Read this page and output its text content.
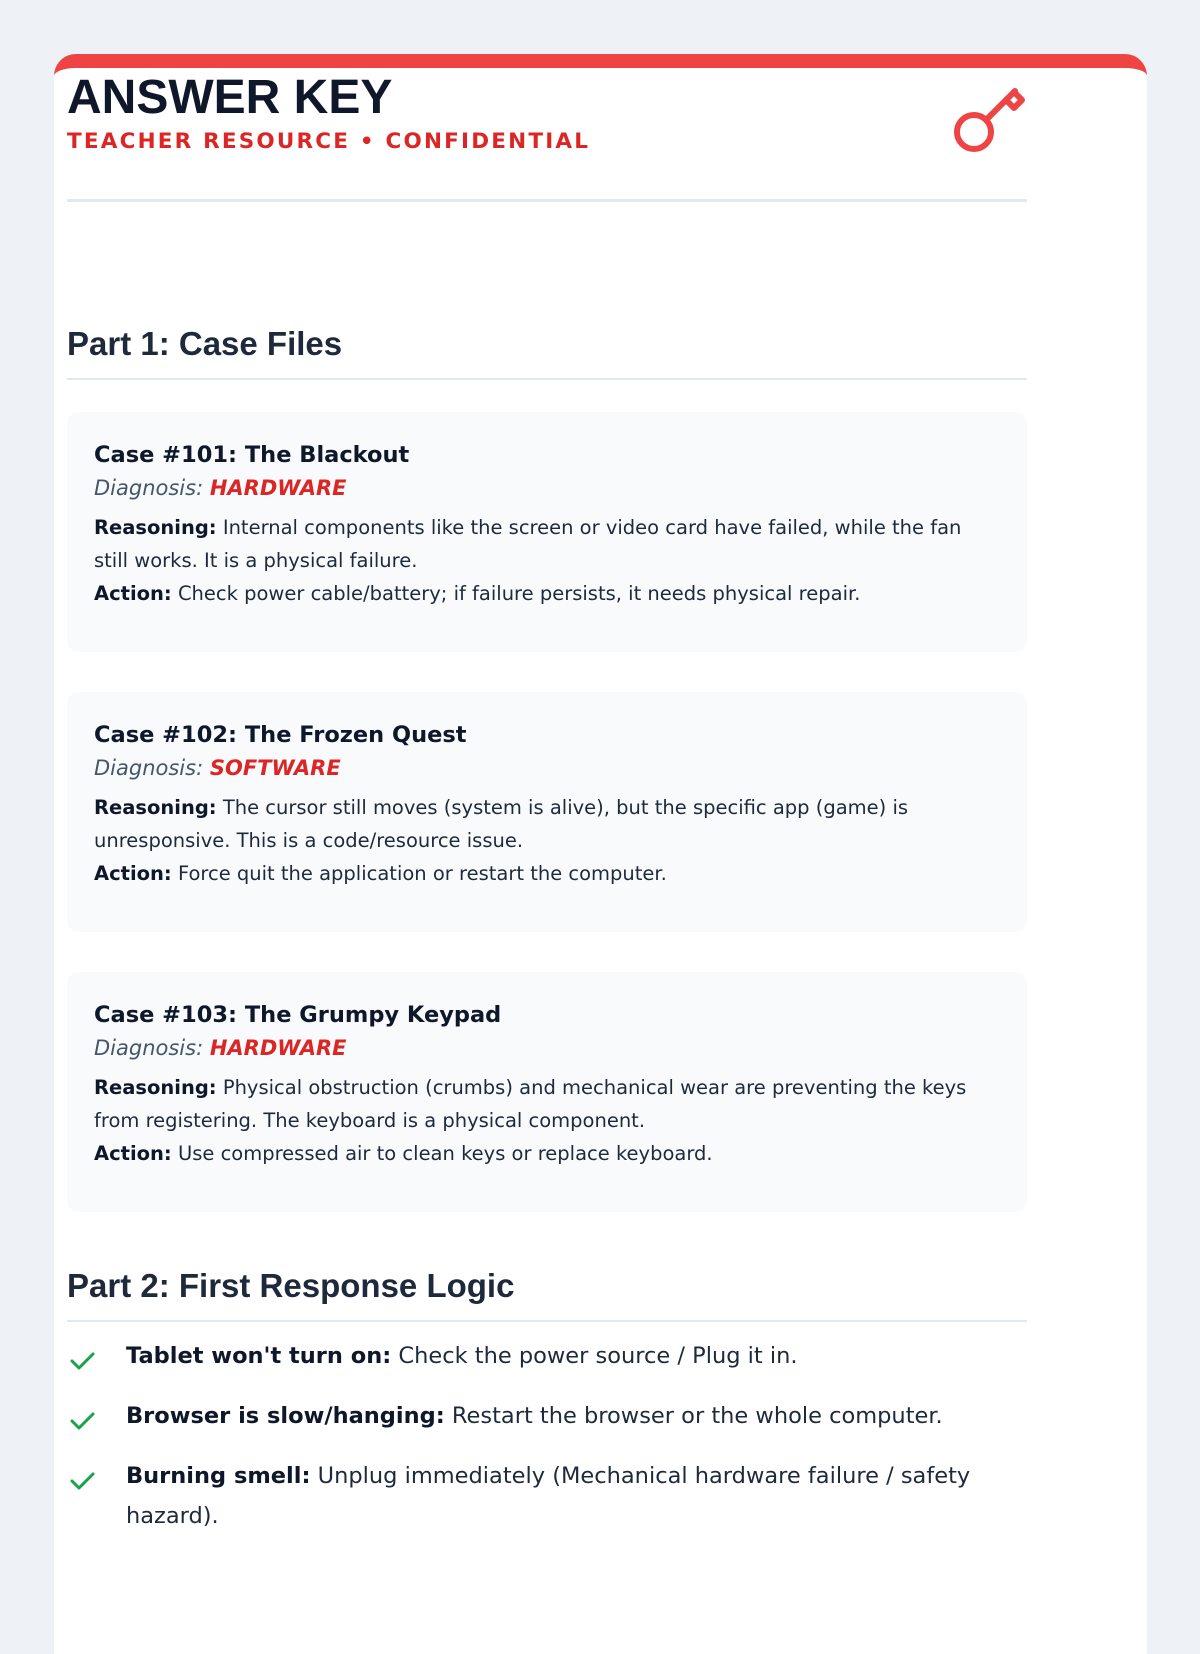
ANSWER KEY
TEACHER RESOURCE • CONFIDENTIAL
Part 1: Case Files
Case #101: The Blackout
Diagnosis: HARDWARE
Reasoning: Internal components like the screen or video card have failed, while the fan still works. It is a physical failure.
Action: Check power cable/battery; if failure persists, it needs physical repair.
Case #102: The Frozen Quest
Diagnosis: SOFTWARE
Reasoning: The cursor still moves (system is alive), but the specific app (game) is unresponsive. This is a code/resource issue.
Action: Force quit the application or restart the computer.
Case #103: The Grumpy Keypad
Diagnosis: HARDWARE
Reasoning: Physical obstruction (crumbs) and mechanical wear are preventing the keys from registering. The keyboard is a physical component.
Action: Use compressed air to clean keys or replace keyboard.
Part 2: First Response Logic
Tablet won't turn on: Check the power source / Plug it in.
Browser is slow/hanging: Restart the browser or the whole computer.
Burning smell: Unplug immediately (Mechanical hardware failure / safety hazard).
